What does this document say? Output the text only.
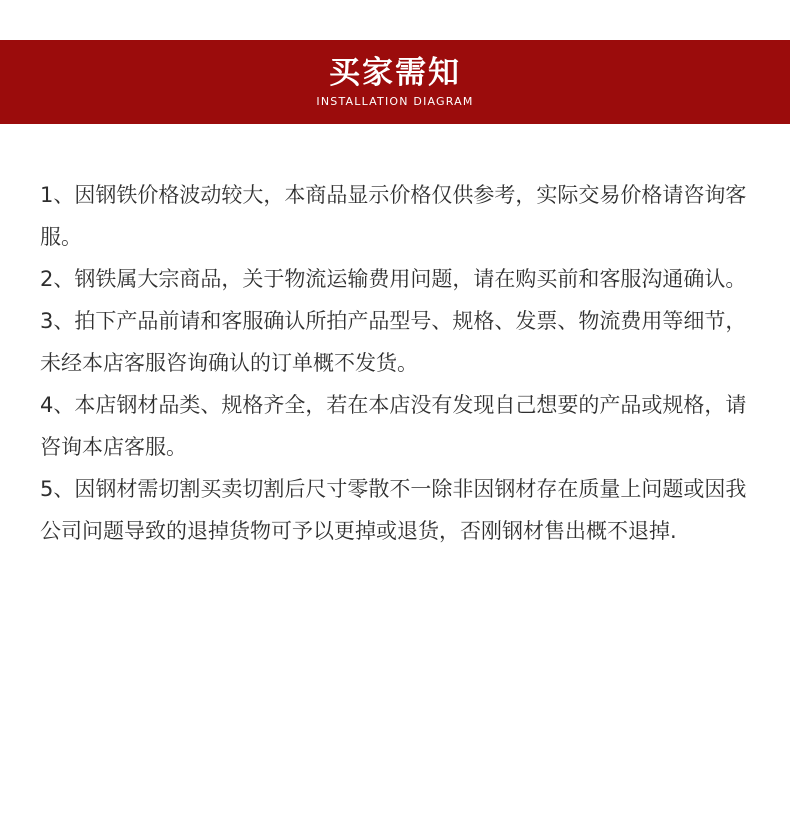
买家需知
INSTALLATION DIAGRAM

1、因钢铁价格波动较大，本商品显示价格仅供参考，实际交易价格请咨询客服。

2、钢铁属大宗商品，关于物流运输费用问题，请在购买前和客服沟通确认。

3、拍下产品前请和客服确认所拍产品型号、规格、发票、物流费用等细节，未经本店客服咨询确认的订单概不发货。

4、本店钢材品类、规格齐全，若在本店没有发现自己想要的产品或规格，请咨询本店客服。

5、因钢材需切割买卖切割后尺寸零散不一除非因钢材存在质量上问题或因我公司问题导致的退掉货物可予以更掉或退货，否刚钢材售出概不退掉.
